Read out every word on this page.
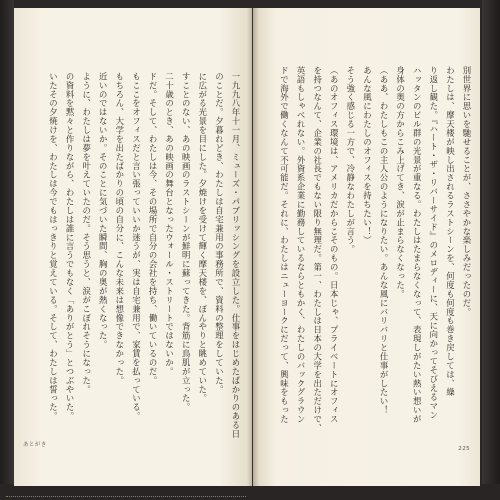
一九九八年十一月、ミューズ・パブリッシングを設立した。仕事をはじめたばかりのある日
のことだ。夕暮れどき、わたしは自宅兼用の事務所で、資料の整理をしていた。
に広がる光景を目にした。夕焼けを受けて輝く摩天楼を、ぼんやりと眺めていた。
すことのない、あの映画のラストシーンが鮮明に蘇ってきた。背筋に鳥肌が立った。
二十歳のとき、あの映画の舞台となったウォール・ストリートではないか。
ドだ。そして、わたしは今、その場所で自分の会社を持ち、働いているのだ。
もここをオフィスだと言い張っていいか迷うが、実は自宅兼用で、家賃を払っている。
もちろん、大学を出たばかりの頃の自分に、こんな未来は想像できなかった。
近いのではないか。そのことに気づいた瞬間、胸の奥が熱くなった。
ように、わたしは夢を叶えていたのだ。そう思うと、涙がこぼれそうになった。
の資料を黙々と作りながら、わたしは誰に言うでもなく「ありがとう」とつぶやいた。
いたその夕焼けを、わたしは今でもはっきりと覚えている。そして、わたしは誓った。
あとがき
別世界に思いを馳せることが、ささやかな楽しみだったのだ。
わたしは、摩天楼が映し出されるラストシーンを、何度も何度も巻き戻しては、繰
り返し観た。『ハート・ザ・リバーサイド』のメロディーに、天に向かってそびえるマン
ハッタンのビル群の光景が重なる。わたしはたまらなくなって、表現しがたい熱い想いが
身体の奥の方からこみ上げてき、涙が止まらなくなった。
（ああ、わたしもこの主人公のようになりたい。あんな風にバリバリと仕事がしたい！
あんな風にわたしのオフィスを持ちたい！）
そう強く感じる一方で、冷静なわたしが言う。
（あのオフィス環境は、アメリカだからこそのもの。日本じゃ、プライベートにオフィス
を持つなんて、企業の社長でもない限り無理だ。第一、わたしは日本の大学を出ただけで、
英語もしゃべれない。外資系企業に勤務しているならともかく、わたしのバックグラウン
ドで海外で働くなんて不可能だ。それに、わたしはニューヨークにだって、興味をもった
225
